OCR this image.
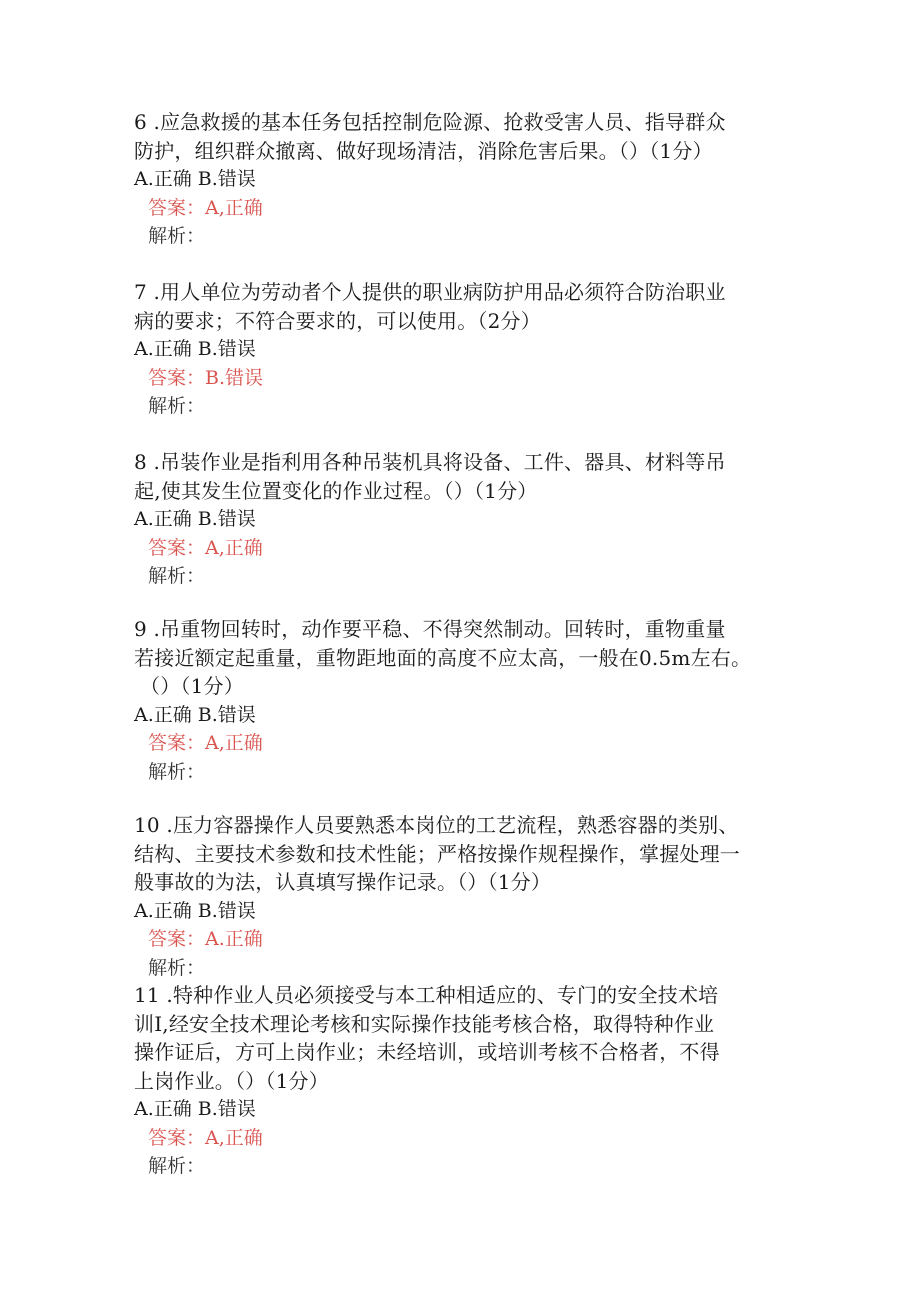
6 .应急救援的基本任务包括控制危险源、抢救受害人员、指导群众
防护，组织群众撤离、做好现场清洁，消除危害后果。（）（1分）
A.正确 B.错误
答案：A,正确
解析：
7 .用人单位为劳动者个人提供的职业病防护用品必须符合防治职业
病的要求；不符合要求的，可以使用。（2分）
A.正确 B.错误
答案：B.错误
解析：
8 .吊装作业是指利用各种吊装机具将设备、工件、器具、材料等吊
起,使其发生位置变化的作业过程。（）（1分）
A.正确 B.错误
答案：A,正确
解析：
9 .吊重物回转时，动作要平稳、不得突然制动。回转时，重物重量
若接近额定起重量，重物距地面的高度不应太高，一般在0.5m左右。
（）（1分）
A.正确 B.错误
答案：A,正确
解析：
10 .压力容器操作人员要熟悉本岗位的工艺流程，熟悉容器的类别、
结构、主要技术参数和技术性能；严格按操作规程操作，掌握处理一
般事故的为法，认真填写操作记录。（）（1分）
A.正确 B.错误
答案：A.正确
解析：
11 .特种作业人员必须接受与本工种相适应的、专门的安全技术培
训I,经安全技术理论考核和实际操作技能考核合格，取得特种作业
操作证后，方可上岗作业；未经培训，或培训考核不合格者，不得
上岗作业。（）（1分）
A.正确 B.错误
答案：A,正确
解析：
